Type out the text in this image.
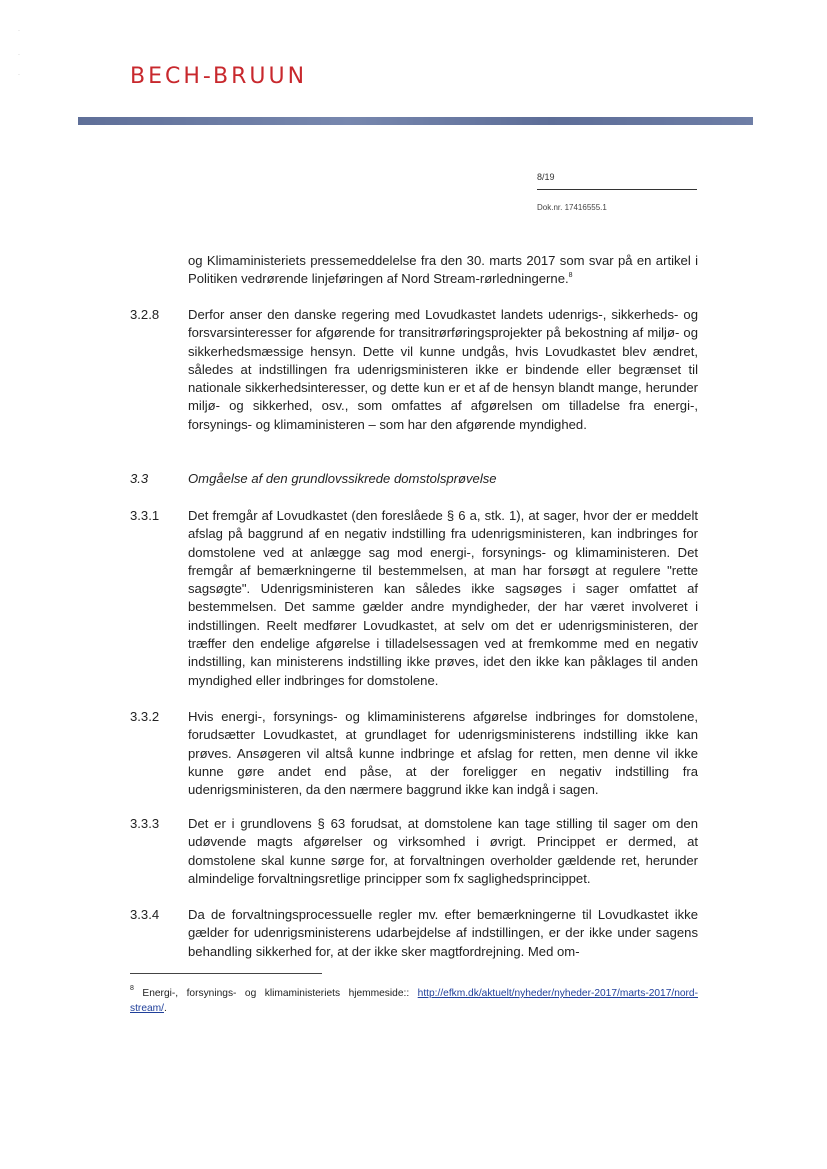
·
·
·	BECH-BRUUN
8/19
Dok.nr. 17416555.1
og Klimaministeriets pressemeddelelse fra den 30. marts 2017 som svar på en artikel i Politiken vedrørende linjeføringen af Nord Stream-rørledningerne.$^8$
3.2.8 Derfor anser den danske regering med Lovudkastet landets udenrigs-, sikkerheds- og forsvarsinteresser for afgørende for transitrørføringsprojekter på bekostning af miljø- og sikkerhedsmæssige hensyn. Dette vil kunne undgås, hvis Lovudkastet blev ændret, således at indstillingen fra udenrigsministeren ikke er bindende eller begrænset til nationale sikkerhedsinteresser, og dette kun er et af de hensyn blandt mange, herunder miljø- og sikkerhed, osv., som omfattes af afgørelsen om tilladelse fra energi-, forsynings- og klimaministeren – som har den afgørende myndighed.
3.3	Omgåelse af den grundlovssikrede domstolsprøvelse
3.3.1 Det fremgår af Lovudkastet (den foreslåede § 6 a, stk. 1), at sager, hvor der er meddelt afslag på baggrund af en negativ indstilling fra udenrigsministeren, kan indbringes for domstolene ved at anlægge sag mod energi-, forsynings- og klimaministeren. Det fremgår af bemærkningerne til bestemmelsen, at man har forsøgt at regulere "rette sagsøgte". Udenrigsministeren kan således ikke sagsøges i sager omfattet af bestemmelsen. Det samme gælder andre myndigheder, der har været involveret i indstillingen. Reelt medfører Lovudkastet, at selv om det er udenrigsministeren, der træffer den endelige afgørelse i tilladelsessagen ved at fremkomme med en negativ indstilling, kan ministerens indstilling ikke prøves, idet den ikke kan påklages til anden myndighed eller indbringes for domstolene.
3.3.2 Hvis energi-, forsynings- og klimaministerens afgørelse indbringes for domstolene, forudsætter Lovudkastet, at grundlaget for udenrigsministerens indstilling ikke kan prøves. Ansøgeren vil altså kunne indbringe et afslag for retten, men denne vil ikke kunne gøre andet end påse, at der foreligger en negativ indstilling fra udenrigsministeren, da den nærmere baggrund ikke kan indgå i sagen.
3.3.3 Det er i grundlovens § 63 forudsat, at domstolene kan tage stilling til sager om den udøvende magts afgørelser og virksomhed i øvrigt. Princippet er dermed, at domstolene skal kunne sørge for, at forvaltningen overholder gældende ret, herunder almindelige forvaltningsretlige principper som fx saglighedsprincippet.
3.3.4 Da de forvaltningsprocessuelle regler mv. efter bemærkningerne til Lovudkastet ikke gælder for udenrigsministerens udarbejdelse af indstillingen, er der ikke under sagens behandling sikkerhed for, at der ikke sker magtfordrejning. Med om-
$^8$ Energi-, forsynings- og klimaministeriets hjemmeside:: http://efkm.dk/aktuelt/nyheder/nyheder-2017/marts-2017/nord-stream/.
